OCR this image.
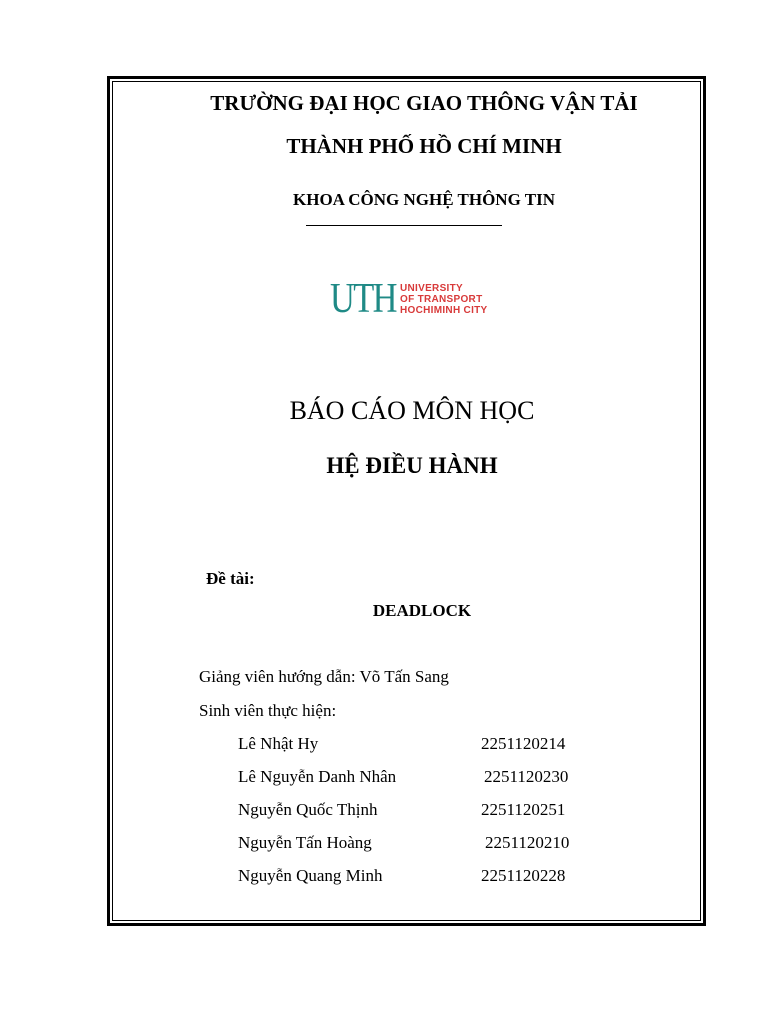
TRƯỜNG ĐẠI HỌC GIAO THÔNG VẬN TẢI
THÀNH PHỐ HỒ CHÍ MINH
KHOA CÔNG NGHỆ THÔNG TIN
UTH UNIVERSITY
OF TRANSPORT
HOCHIMINH CITY
BÁO CÁO MÔN HỌC
HỆ ĐIỀU HÀNH
Đề tài:
DEADLOCK
Giảng viên hướng dẫn: Võ Tấn Sang
Sinh viên thực hiện:
Lê Nhật Hy	2251120214
Lê Nguyễn Danh Nhân	2251120230
Nguyễn Quốc Thịnh	2251120251
Nguyễn Tấn Hoàng	2251120210
Nguyễn Quang Minh	2251120228
